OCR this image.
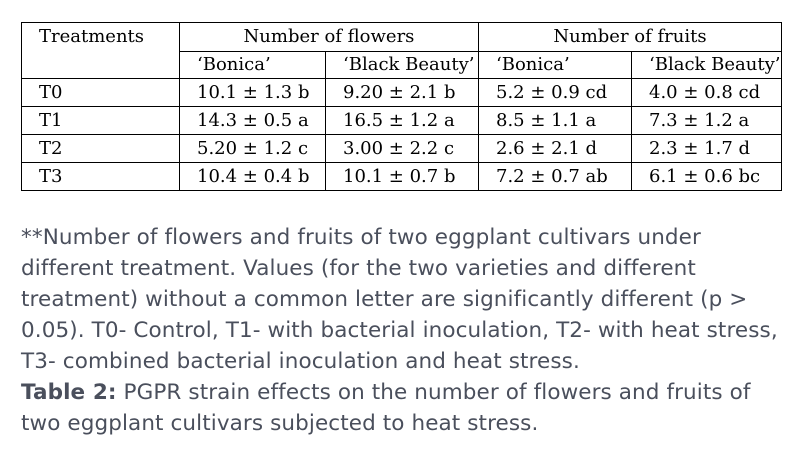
Treatments	Number of flowers		Number of fruits	
	‘Bonica’	‘Black Beauty’	‘Bonica’	‘Black Beauty’
T0	10.1 ± 1.3 b	9.20 ± 2.1 b	5.2 ± 0.9 cd	4.0 ± 0.8 cd
T1	14.3 ± 0.5 a	16.5 ± 1.2 a	8.5 ± 1.1 a	7.3 ± 1.2 a
T2	5.20 ± 1.2 c	3.00 ± 2.2 c	2.6 ± 2.1 d	2.3 ± 1.7 d
T3	10.4 ± 0.4 b	10.1 ± 0.7 b	7.2 ± 0.7 ab	6.1 ± 0.6 bc

**Number of flowers and fruits of two eggplant cultivars under different treatment. Values (for the two varieties and different treatment) without a common letter are significantly different (p > 0.05). T0- Control, T1- with bacterial inoculation, T2- with heat stress, T3- combined bacterial inoculation and heat stress.

Table 2: PGPR strain effects on the number of flowers and fruits of two eggplant cultivars subjected to heat stress.
